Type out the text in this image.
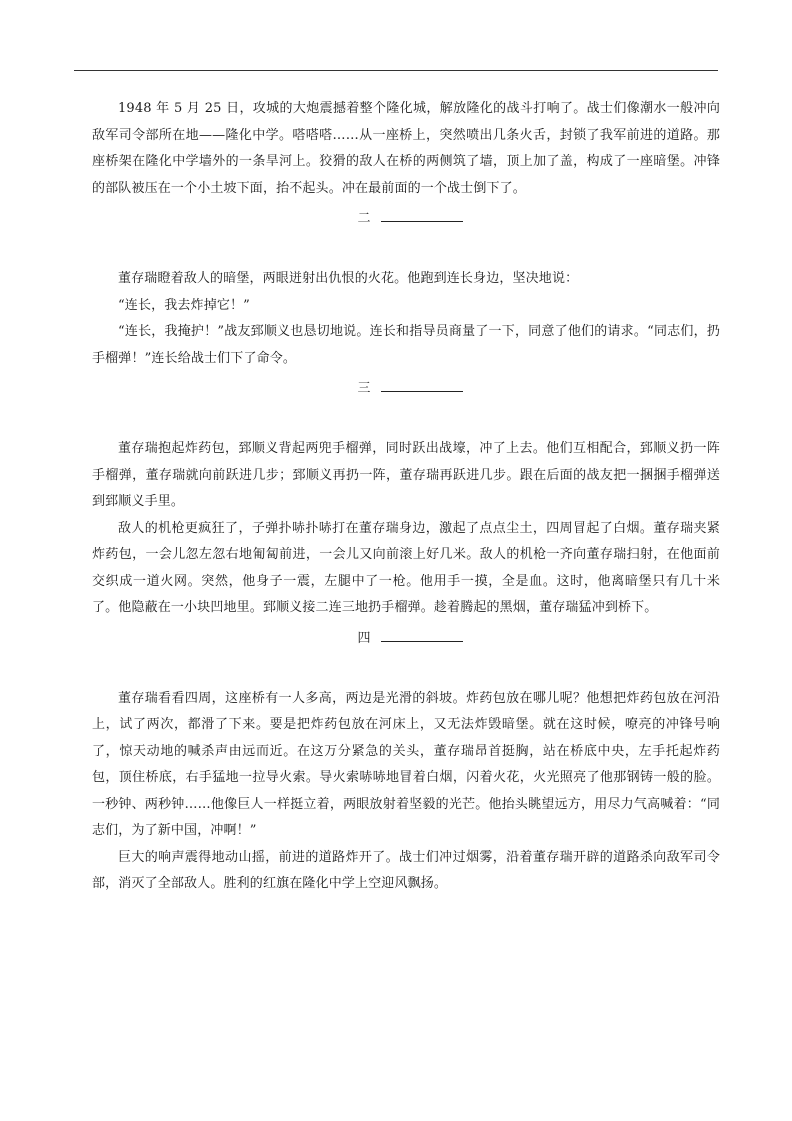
1948 年 5 月 25 日，攻城的大炮震撼着整个隆化城，解放隆化的战斗打响了。战士们像潮水一般冲向敌军司令部所在地——隆化中学。嗒嗒嗒……从一座桥上，突然喷出几条火舌，封锁了我军前进的道路。那座桥架在隆化中学墙外的一条旱河上。狡猾的敌人在桥的两侧筑了墙，顶上加了盖，构成了一座暗堡。冲锋的部队被压在一个小土坡下面，抬不起头。冲在最前面的一个战士倒下了。

二

董存瑞瞪着敌人的暗堡，两眼迸射出仇恨的火花。他跑到连长身边，坚决地说：

“连长，我去炸掉它！”

“连长，我掩护！”战友郅顺义也恳切地说。连长和指导员商量了一下，同意了他们的请求。“同志们，扔手榴弹！”连长给战士们下了命令。

三

董存瑞抱起炸药包，郅顺义背起两兜手榴弹，同时跃出战壕，冲了上去。他们互相配合，郅顺义扔一阵手榴弹，董存瑞就向前跃进几步；郅顺义再扔一阵，董存瑞再跃进几步。跟在后面的战友把一捆捆手榴弹送到郅顺义手里。

敌人的机枪更疯狂了，子弹扑哧扑哧打在董存瑞身边，激起了点点尘土，四周冒起了白烟。董存瑞夹紧炸药包，一会儿忽左忽右地匍匐前进，一会儿又向前滚上好几米。敌人的机枪一齐向董存瑞扫射，在他面前交织成一道火网。突然，他身子一震，左腿中了一枪。他用手一摸，全是血。这时，他离暗堡只有几十米了。他隐蔽在一小块凹地里。郅顺义接二连三地扔手榴弹。趁着腾起的黑烟，董存瑞猛冲到桥下。

四

董存瑞看看四周，这座桥有一人多高，两边是光滑的斜坡。炸药包放在哪儿呢？他想把炸药包放在河沿上，试了两次，都滑了下来。要是把炸药包放在河床上，又无法炸毁暗堡。就在这时候，嘹亮的冲锋号响了，惊天动地的喊杀声由远而近。在这万分紧急的关头，董存瑞昂首挺胸，站在桥底中央，左手托起炸药包，顶住桥底，右手猛地一拉导火索。导火索哧哧地冒着白烟，闪着火花，火光照亮了他那钢铸一般的脸。一秒钟、两秒钟……他像巨人一样挺立着，两眼放射着坚毅的光芒。他抬头眺望远方，用尽力气高喊着：“同志们，为了新中国，冲啊！”

巨大的响声震得地动山摇，前进的道路炸开了。战士们冲过烟雾，沿着董存瑞开辟的道路杀向敌军司令部，消灭了全部敌人。胜利的红旗在隆化中学上空迎风飘扬。
